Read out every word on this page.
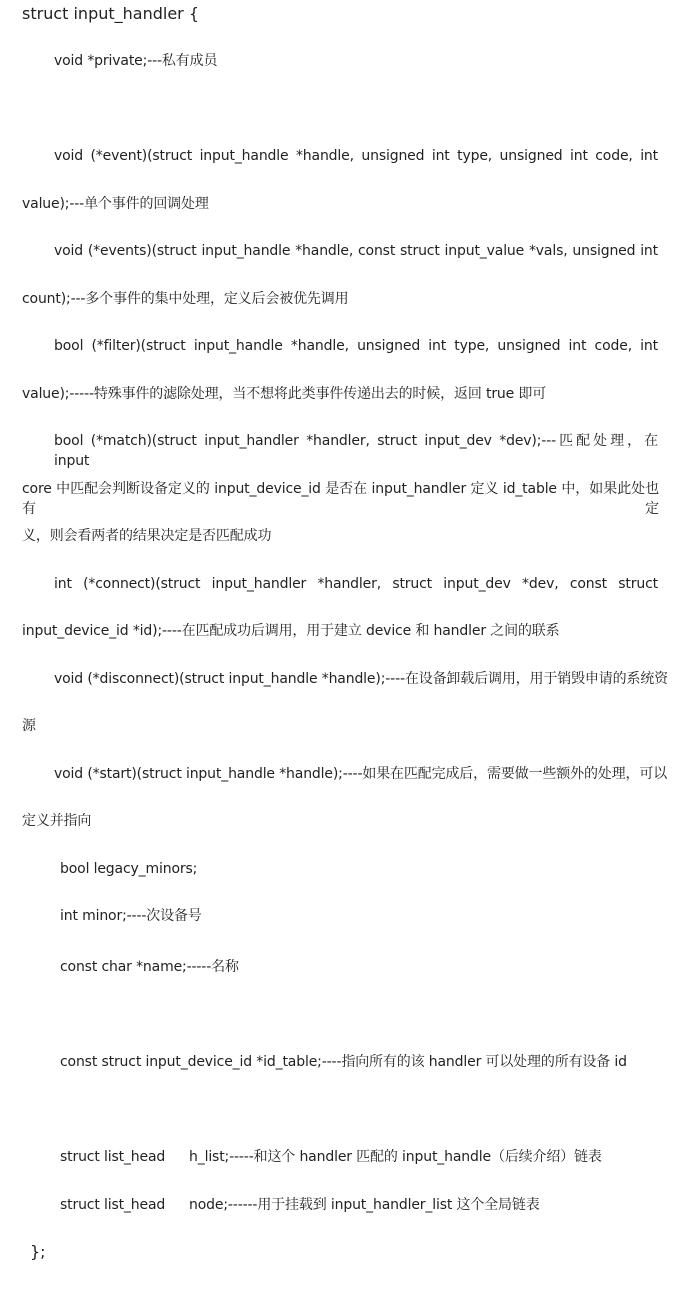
struct input_handler {
void *private;---私有成员
void (*event)(struct input_handle *handle, unsigned int type, unsigned int code, int
value);---单个事件的回调处理
void (*events)(struct input_handle *handle, const struct input_value *vals, unsigned int
count);---多个事件的集中处理，定义后会被优先调用
bool (*filter)(struct input_handle *handle, unsigned int type, unsigned int code, int
value);-----特殊事件的滤除处理，当不想将此类事件传递出去的时候，返回 true 即可
bool (*match)(struct input_handler *handler, struct input_dev *dev);---匹配处理，在 input
core 中匹配会判断设备定义的 input_device_id 是否在 input_handler 定义 id_table 中，如果此处也有定
义，则会看两者的结果决定是否匹配成功
int (*connect)(struct input_handler *handler, struct input_dev *dev, const struct
input_device_id *id);----在匹配成功后调用，用于建立 device 和 handler 之间的联系
void (*disconnect)(struct input_handle *handle);----在设备卸载后调用，用于销毁申请的系统资
源
void (*start)(struct input_handle *handle);----如果在匹配完成后，需要做一些额外的处理，可以
定义并指向
bool legacy_minors;
int minor;----次设备号
const char *name;-----名称
const struct input_device_id *id_table;----指向所有的该 handler 可以处理的所有设备 id
struct list_head h_list;-----和这个 handler 匹配的 input_handle（后续介绍）链表
struct list_head node;------用于挂载到 input_handler_list 这个全局链表
};
